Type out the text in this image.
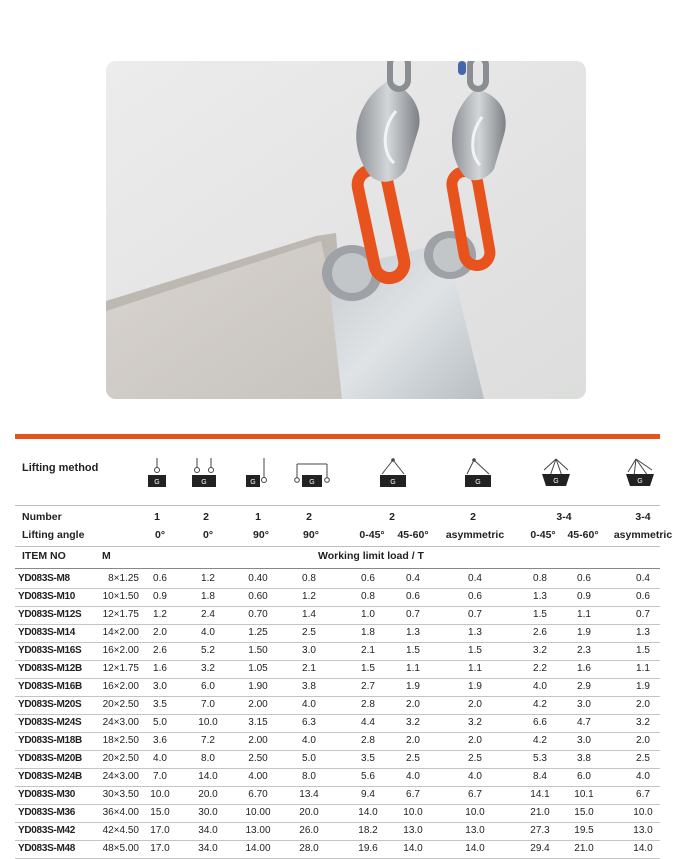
Lifting method
G	G	G	G	G	G	G	G
Number	1	2	1	2	2	2	3-4	3-4
Lifting angle	0°	0°	90°	90°	0-45° 45-60° asymmetric 0-45° 45-60° asymmetric
ITEM NO	M	Working limit load / T
YD083S-M8	8×1.25 0.6	1.2	0.40	0.8	0.6	0.4	0.4	0.8	0.6	0.4
YD083S-M10	10×1.50 0.9	1.8	0.60	1.2	0.8	0.6	0.6	1.3	0.9	0.6
YD083S-M12S	12×1.75 1.2	2.4	0.70	1.4	1.0	0.7	0.7	1.5	1.1	0.7
YD083S-M14	14×2.00 2.0	4.0	1.25	2.5	1.8	1.3	1.3	2.6	1.9	1.3
YD083S-M16S	16×2.00 2.6	5.2	1.50	3.0	2.1	1.5	1.5	3.2	2.3	1.5
YD083S-M12B	12×1.75 1.6	3.2	1.05	2.1	1.5	1.1	1.1	2.2	1.6	1.1
YD083S-M16B	16×2.00 3.0	6.0	1.90	3.8	2.7	1.9	1.9	4.0	2.9	1.9
YD083S-M20S	20×2.50 3.5	7.0	2.00	4.0	2.8	2.0	2.0	4.2	3.0	2.0
YD083S-M24S	24×3.00 5.0	10.0	3.15	6.3	4.4	3.2	3.2	6.6	4.7	3.2
YD083S-M18B	18×2.50 3.6	7.2	2.00	4.0	2.8	2.0	2.0	4.2	3.0	2.0
YD083S-M20B	20×2.50 4.0	8.0	2.50	5.0	3.5	2.5	2.5	5.3	3.8	2.5
YD083S-M24B	24×3.00 7.0	14.0	4.00	8.0	5.6	4.0	4.0	8.4	6.0	4.0
YD083S-M30	30×3.50 10.0	20.0	6.70	13.4	9.4	6.7	6.7	14.1 10.1	6.7
YD083S-M36	36×4.00 15.0	30.0	10.00	20.0	14.0	10.0	10.0	21.0 15.0	10.0
YD083S-M42	42×4.50 17.0	34.0	13.00	26.0	18.2	13.0	13.0	27.3 19.5	13.0
YD083S-M48	48×5.00 17.0	34.0	14.00	28.0	19.6	14.0	14.0	29.4 21.0	14.0
